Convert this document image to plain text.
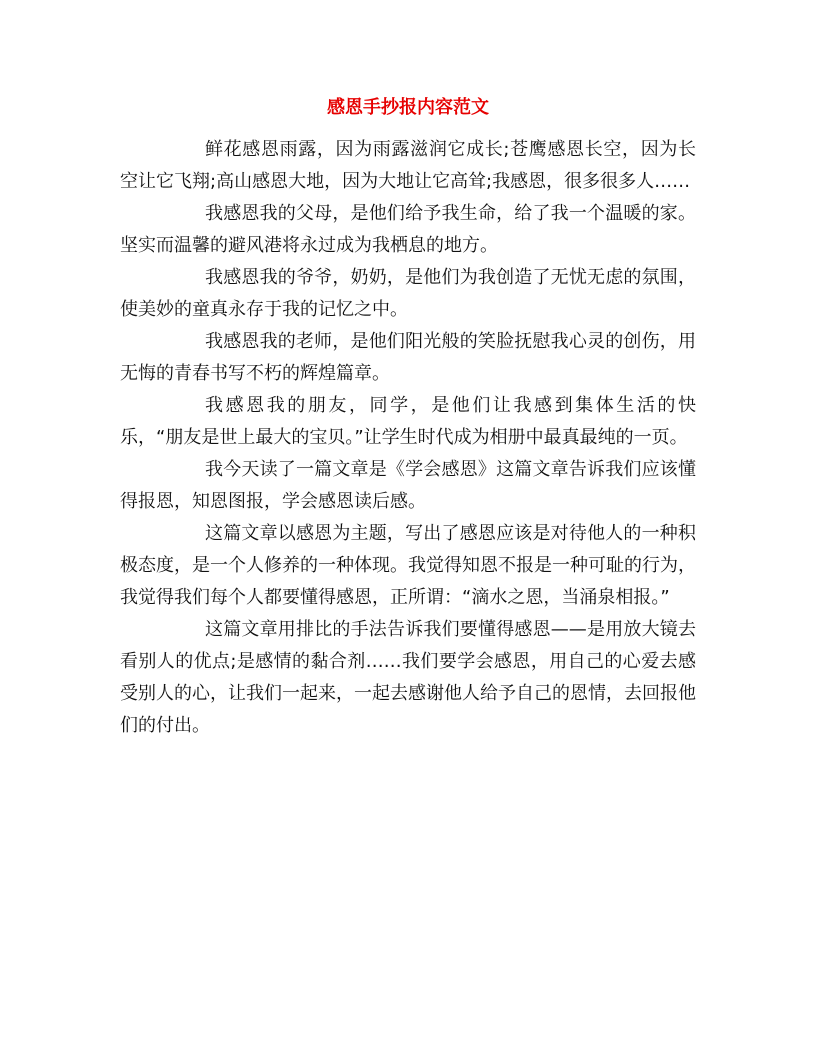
感恩手抄报内容范文

鲜花感恩雨露，因为雨露滋润它成长;苍鹰感恩长空，因为长空让它飞翔;高山感恩大地，因为大地让它高耸;我感恩，很多很多人……

我感恩我的父母，是他们给予我生命，给了我一个温暖的家。坚实而温馨的避风港将永过成为我栖息的地方。

我感恩我的爷爷，奶奶，是他们为我创造了无忧无虑的氛围，使美妙的童真永存于我的记忆之中。

我感恩我的老师，是他们阳光般的笑脸抚慰我心灵的创伤，用无悔的青春书写不朽的辉煌篇章。

我感恩我的朋友，同学，是他们让我感到集体生活的快乐，“朋友是世上最大的宝贝。”让学生时代成为相册中最真最纯的一页。

我今天读了一篇文章是《学会感恩》这篇文章告诉我们应该懂得报恩，知恩图报，学会感恩读后感。

这篇文章以感恩为主题，写出了感恩应该是对待他人的一种积极态度，是一个人修养的一种体现。我觉得知恩不报是一种可耻的行为，我觉得我们每个人都要懂得感恩，正所谓：“滴水之恩，当涌泉相报。”

这篇文章用排比的手法告诉我们要懂得感恩——是用放大镜去看别人的优点;是感情的黏合剂……我们要学会感恩，用自己的心爱去感受别人的心，让我们一起来，一起去感谢他人给予自己的恩情，去回报他们的付出。
